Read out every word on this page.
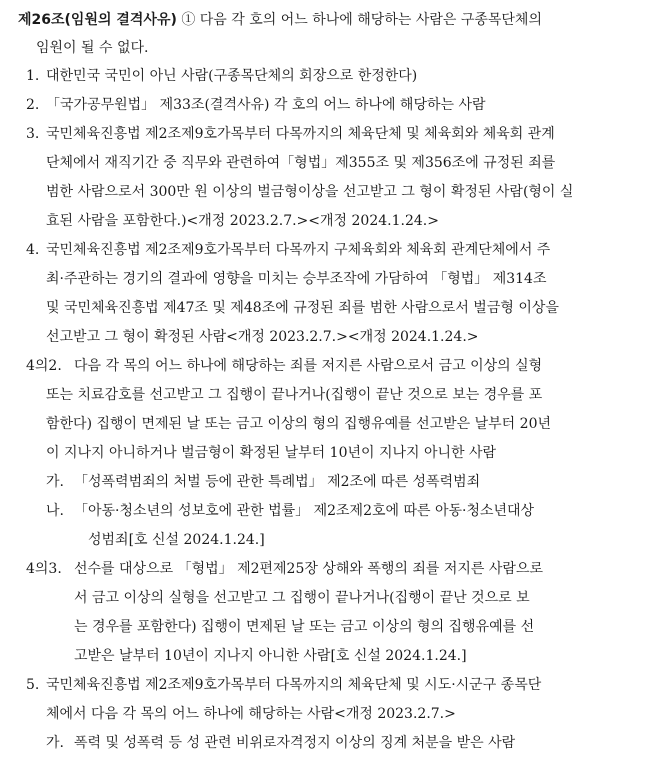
제26조(임원의 결격사유) ① 다음 각 호의 어느 하나에 해당하는 사람은 구종목단체의
임원이 될 수 없다.
1. 대한민국 국민이 아닌 사람(구종목단체의 회장으로 한정한다)
2. 「국가공무원법」 제33조(결격사유) 각 호의 어느 하나에 해당하는 사람
3. 국민체육진흥법 제2조제9호가목부터 다목까지의 체육단체 및 체육회와 체육회 관계
단체에서 재직기간 중 직무와 관련하여「형법」제355조 및 제356조에 규정된 죄를
범한 사람으로서 300만 원 이상의 벌금형이상을 선고받고 그 형이 확정된 사람(형이 실
효된 사람을 포함한다.)<개정 2023.2.7.><개정 2024.1.24.>
4. 국민체육진흥법 제2조제9호가목부터 다목까지 구체육회와 체육회 관계단체에서 주
최·주관하는 경기의 결과에 영향을 미치는 승부조작에 가담하여 「형법」 제314조
및 국민체육진흥법 제47조 및 제48조에 규정된 죄를 범한 사람으로서 벌금형 이상을
선고받고 그 형이 확정된 사람<개정 2023.2.7.><개정 2024.1.24.>
4의2. 다음 각 목의 어느 하나에 해당하는 죄를 저지른 사람으로서 금고 이상의 실형
또는 치료감호를 선고받고 그 집행이 끝나거나(집행이 끝난 것으로 보는 경우를 포
함한다) 집행이 면제된 날 또는 금고 이상의 형의 집행유예를 선고받은 날부터 20년
이 지나지 아니하거나 벌금형이 확정된 날부터 10년이 지나지 아니한 사람
가. 「성폭력범죄의 처벌 등에 관한 특례법」 제2조에 따른 성폭력범죄
나. 「아동·청소년의 성보호에 관한 법률」 제2조제2호에 따른 아동·청소년대상
성범죄[호 신설 2024.1.24.]
4의3. 선수를 대상으로 「형법」 제2편제25장 상해와 폭행의 죄를 저지른 사람으로
서 금고 이상의 실형을 선고받고 그 집행이 끝나거나(집행이 끝난 것으로 보
는 경우를 포함한다) 집행이 면제된 날 또는 금고 이상의 형의 집행유예를 선
고받은 날부터 10년이 지나지 아니한 사람[호 신설 2024.1.24.]
5. 국민체육진흥법 제2조제9호가목부터 다목까지의 체육단체 및 시도·시군구 종목단
체에서 다음 각 목의 어느 하나에 해당하는 사람<개정 2023.2.7.>
가. 폭력 및 성폭력 등 성 관련 비위로자격정지 이상의 징계 처분을 받은 사람
